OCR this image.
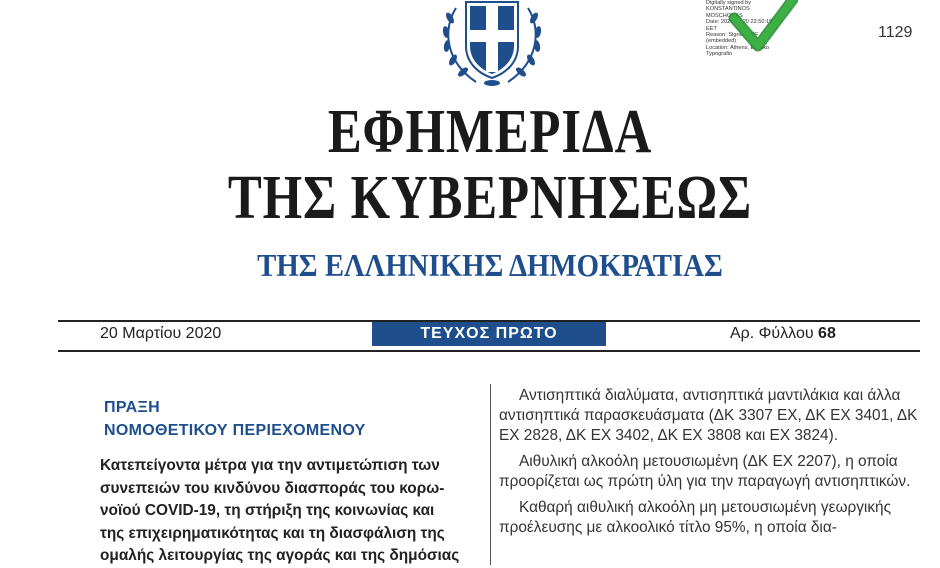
Digitally signed by
KONSTANTINOS
MOSCHONAS
Date: 2020.03.20 22:50:19
EET
Reason: Signed PDF
(embedded)
Location: Athens, Ethniko
Typografio
1129
ΕΦΗΜΕΡΙΔΑ
ΤΗΣ ΚΥΒΕΡΝΗΣΕΩΣ
ΤΗΣ ΕΛΛΗΝΙΚΗΣ ΔΗΜΟΚΡΑΤΙΑΣ
20 Μαρτίου 2020	ΤΕΥΧΟΣ ΠΡΩΤΟ	Αρ. Φύλλου 68
ΠΡΑΞΗ
ΝΟΜΟΘΕΤΙΚΟΥ ΠΕΡΙΕΧΟΜΕΝΟΥ
Κατεπείγοντα μέτρα για την αντιμετώπιση των
συνεπειών του κινδύνου διασποράς του κορω-
νοϊού COVID-19, τη στήριξη της κοινωνίας και
της επιχειρηματικότητας και τη διασφάλιση της
ομαλής λειτουργίας της αγοράς και της δημόσιας

Αντισηπτικά διαλύματα, αντισηπτικά μαντιλάκια και άλλα αντισηπτικά παρασκευάσματα (ΔΚ 3307 ΕΧ, ΔΚ ΕΧ 3401, ΔΚ ΕΧ 2828, ΔΚ ΕΧ 3402, ΔΚ ΕΧ 3808 και ΕΧ 3824).

Αιθυλική αλκοόλη μετουσιωμένη (ΔΚ ΕΧ 2207), η οποία προορίζεται ως πρώτη ύλη για την παραγωγή αντισηπτικών.

Καθαρή αιθυλική αλκοόλη μη μετουσιωμένη γεωργικής προέλευσης με αλκοολικό τίτλο 95%, η οποία δια-
